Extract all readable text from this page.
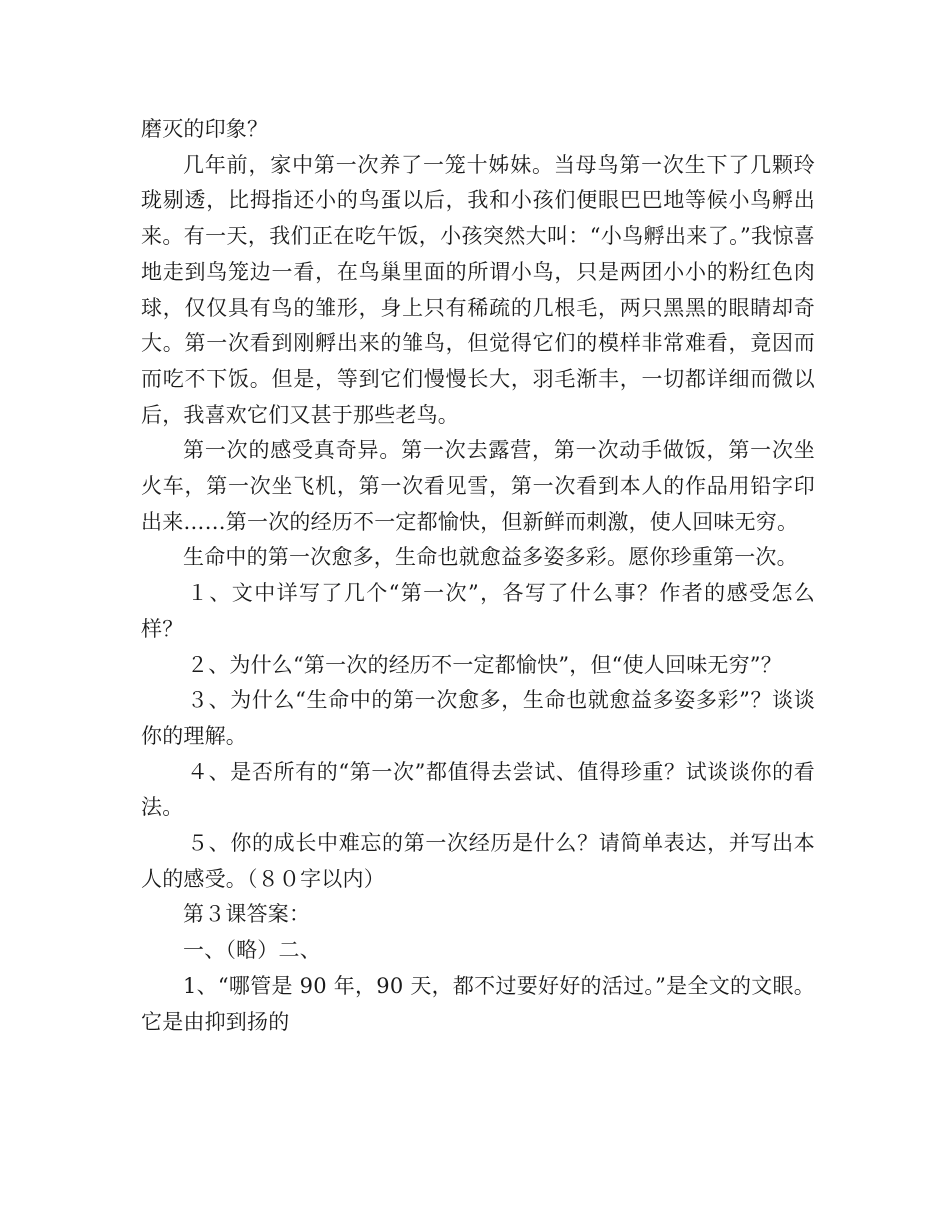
磨灭的印象？

几年前，家中第一次养了一笼十姊妹。当母鸟第一次生下了几颗玲珑剔透，比拇指还小的鸟蛋以后，我和小孩们便眼巴巴地等候小鸟孵出来。有一天，我们正在吃午饭，小孩突然大叫：“小鸟孵出来了。”我惊喜地走到鸟笼边一看，在鸟巢里面的所谓小鸟，只是两团小小的粉红色肉球，仅仅具有鸟的雏形，身上只有稀疏的几根毛，两只黑黑的眼睛却奇大。第一次看到刚孵出来的雏鸟，但觉得它们的模样非常难看，竟因而而吃不下饭。但是，等到它们慢慢长大，羽毛渐丰，一切都详细而微以后，我喜欢它们又甚于那些老鸟。

第一次的感受真奇异。第一次去露营，第一次动手做饭，第一次坐火车，第一次坐飞机，第一次看见雪，第一次看到本人的作品用铅字印出来……第一次的经历不一定都愉快，但新鲜而刺激，使人回味无穷。

生命中的第一次愈多，生命也就愈益多姿多彩。愿你珍重第一次。

１、文中详写了几个“第一次”，各写了什么事？作者的感受怎么样？

２、为什么“第一次的经历不一定都愉快”，但“使人回味无穷”？

３、为什么“生命中的第一次愈多，生命也就愈益多姿多彩”？谈谈你的理解。

４、是否所有的“第一次”都值得去尝试、值得珍重？试谈谈你的看法。

５、你的成长中难忘的第一次经历是什么？请简单表达，并写出本人的感受。（８０字以内）

第３课答案：

一、（略）二、

1、“哪管是 90 年，90 天，都不过要好好的活过。”是全文的文眼。它是由抑到扬的
